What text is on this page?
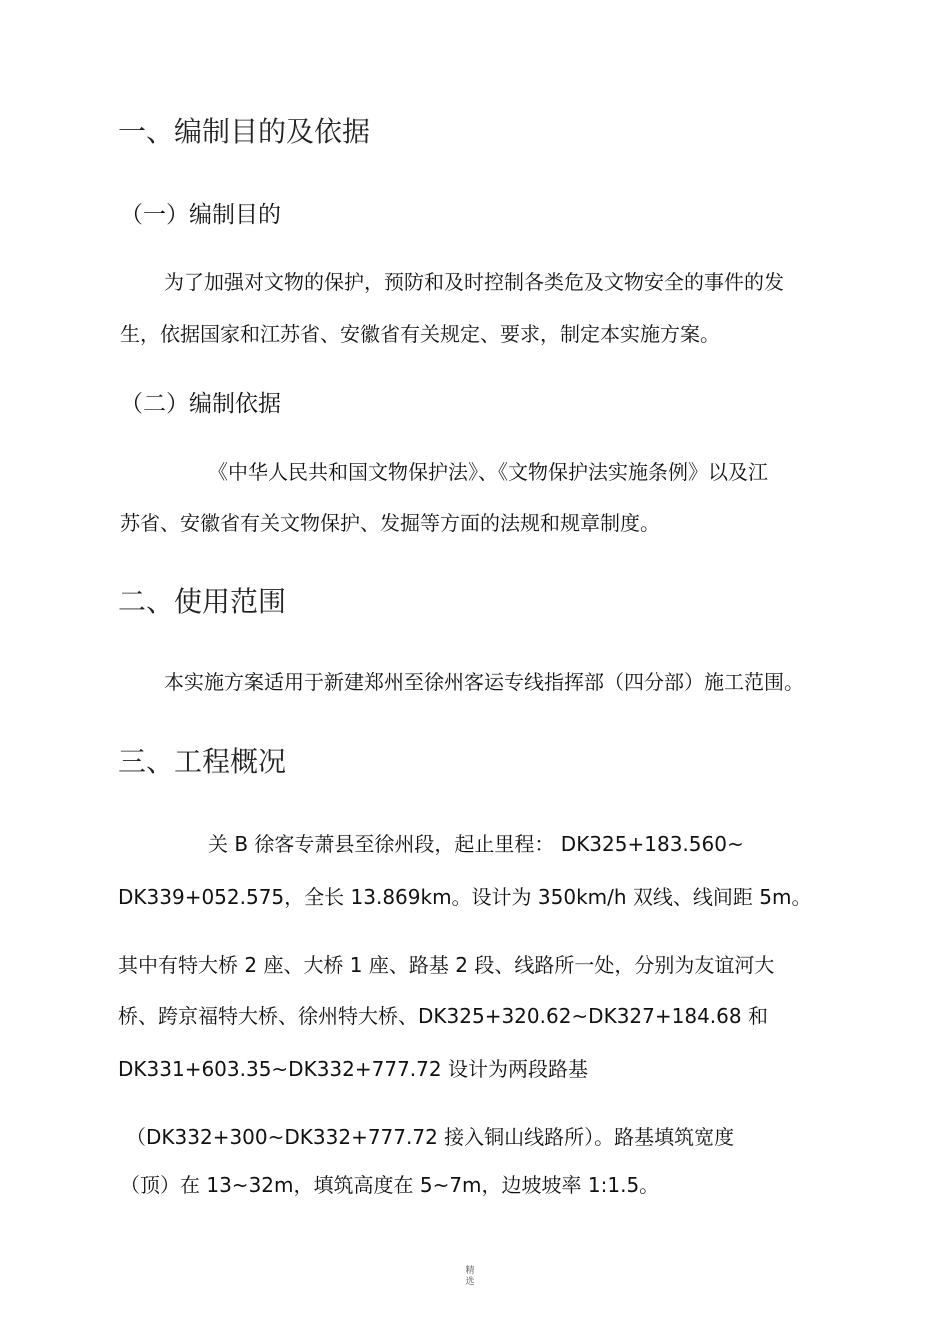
一、编制目的及依据
（一）编制目的

为了加强对文物的保护，预防和及时控制各类危及文物安全的事件的发

生，依据国家和江苏省、安徽省有关规定、要求，制定本实施方案。

（二）编制依据

《中华人民共和国文物保护法》、《文物保护法实施条例》以及江

苏省、安徽省有关文物保护、发掘等方面的法规和规章制度。

二、使用范围

本实施方案适用于新建郑州至徐州客运专线指挥部（四分部）施工范围。

三、工程概况

关 B 徐客专萧县至徐州段，起止里程： DK325+183.560~

DK339+052.575，全长 13.869km。设计为 350km/h 双线、线间距 5m。

其中有特大桥 2 座、大桥 1 座、路基 2 段、线路所一处，分别为友谊河大

桥、跨京福特大桥、徐州特大桥、DK325+320.62~DK327+184.68 和

DK331+603.35~DK332+777.72 设计为两段路基

（DK332+300~DK332+777.72 接入铜山线路所）。路基填筑宽度

（顶）在 13~32m，填筑高度在 5~7m，边坡坡率 1:1.5。

精
选
